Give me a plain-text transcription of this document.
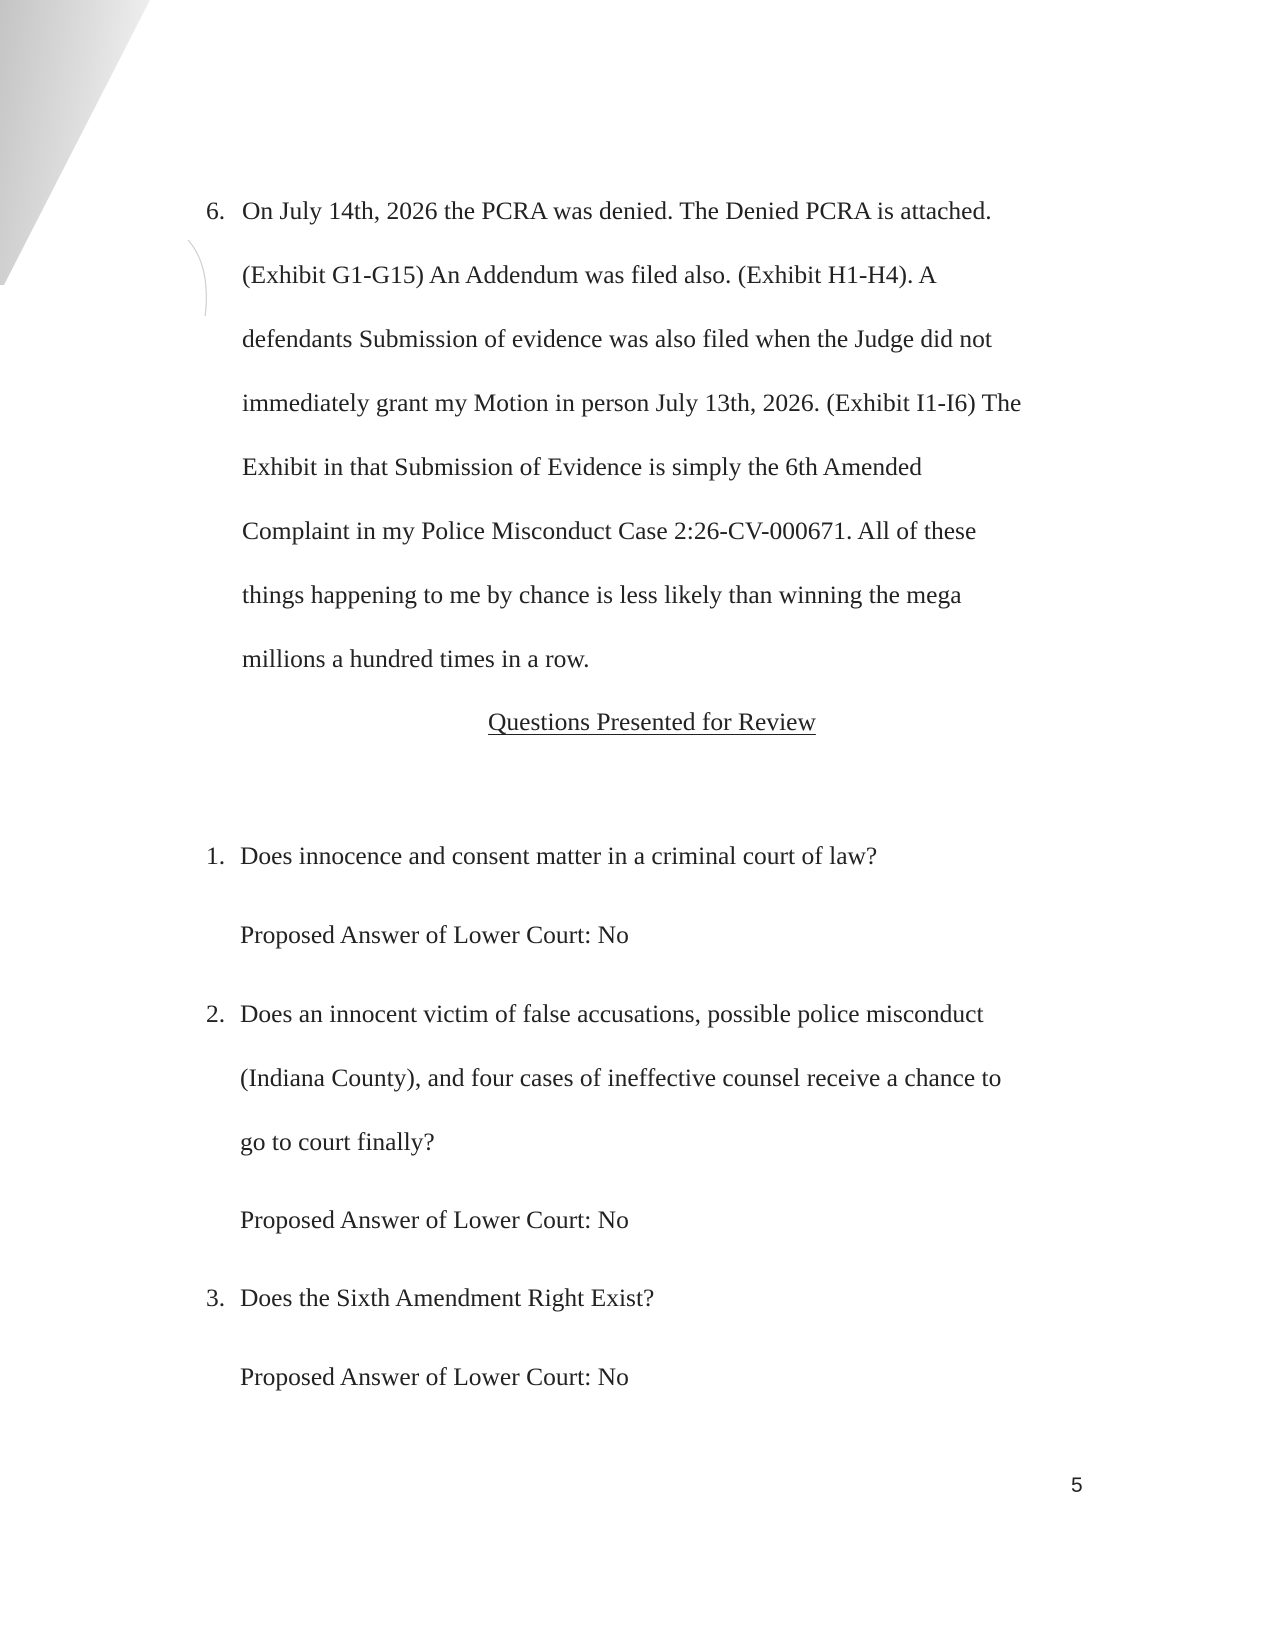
6. On July 14th, 2026 the PCRA was denied. The Denied PCRA is attached.
(Exhibit G1-G15) An Addendum was filed also. (Exhibit H1-H4). A
defendants Submission of evidence was also filed when the Judge did not
immediately grant my Motion in person July 13th, 2026. (Exhibit I1-I6) The
Exhibit in that Submission of Evidence is simply the 6th Amended
Complaint in my Police Misconduct Case 2:26-CV-000671. All of these
things happening to me by chance is less likely than winning the mega
millions a hundred times in a row.
Questions Presented for Review
1. Does innocence and consent matter in a criminal court of law?
Proposed Answer of Lower Court: No
2. Does an innocent victim of false accusations, possible police misconduct
(Indiana County), and four cases of ineffective counsel receive a chance to
go to court finally?
Proposed Answer of Lower Court: No
3. Does the Sixth Amendment Right Exist?
Proposed Answer of Lower Court: No
5
